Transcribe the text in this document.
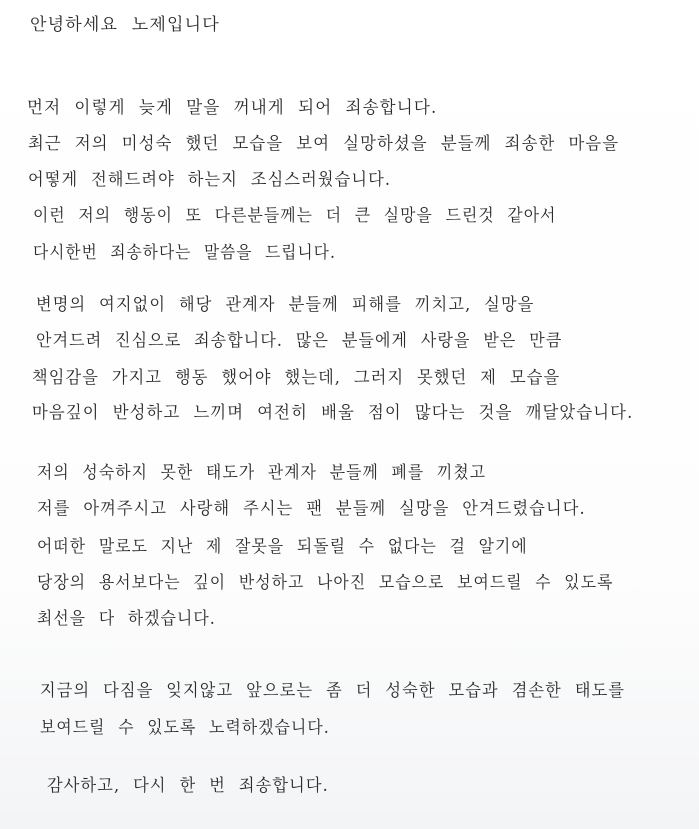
안녕하세요 노제입니다

먼저 이렇게 늦게 말을 꺼내게 되어 죄송합니다.

최근 저의 미성숙 했던 모습을 보여 실망하셨을 분들께 죄송한 마음을

어떻게 전해드려야 하는지 조심스러웠습니다.

이런 저의 행동이 또 다른분들께는 더 큰 실망을 드린것 같아서

다시한번 죄송하다는 말씀을 드립니다.

변명의 여지없이 해당 관계자 분들께 피해를 끼치고, 실망을

안겨드려 진심으로 죄송합니다. 많은 분들에게 사랑을 받은 만큼

책임감을 가지고 행동 했어야 했는데, 그러지 못했던 제 모습을

마음깊이 반성하고 느끼며 여전히 배울 점이 많다는 것을 깨달았습니다.

저의 성숙하지 못한 태도가 관계자 분들께 폐를 끼쳤고

저를 아껴주시고 사랑해 주시는 팬 분들께 실망을 안겨드렸습니다.

어떠한 말로도 지난 제 잘못을 되돌릴 수 없다는 걸 알기에

당장의 용서보다는 깊이 반성하고 나아진 모습으로 보여드릴 수 있도록

최선을 다 하겠습니다.

지금의 다짐을 잊지않고 앞으로는 좀 더 성숙한 모습과 겸손한 태도를

보여드릴 수 있도록 노력하겠습니다.

감사하고, 다시 한 번 죄송합니다.
